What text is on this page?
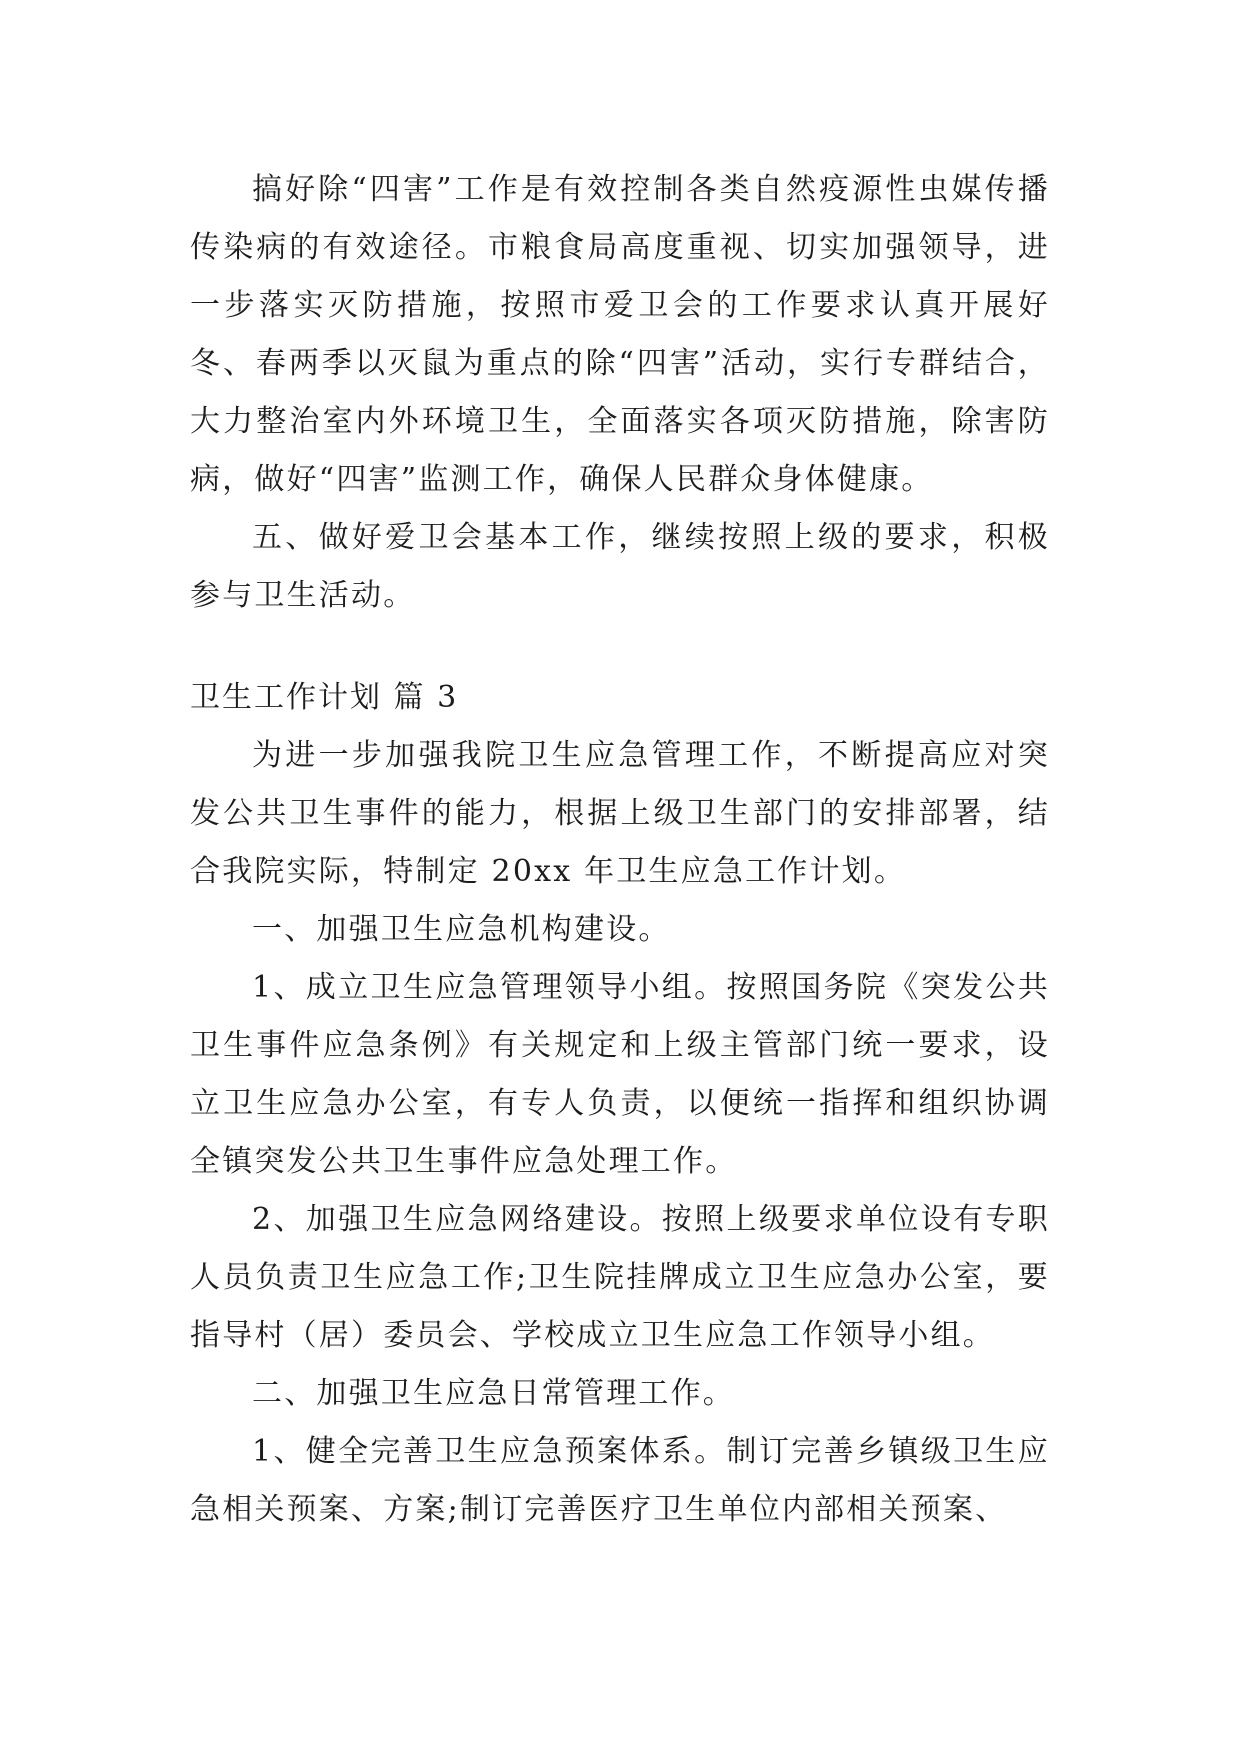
搞好除“四害”工作是有效控制各类自然疫源性虫媒传播传染病的有效途径。市粮食局高度重视、切实加强领导，进一步落实灭防措施，按照市爱卫会的工作要求认真开展好冬、春两季以灭鼠为重点的除“四害”活动，实行专群结合，大力整治室内外环境卫生，全面落实各项灭防措施，除害防病，做好“四害”监测工作，确保人民群众身体健康。

五、做好爱卫会基本工作，继续按照上级的要求，积极参与卫生活动。

卫生工作计划 篇 3

为进一步加强我院卫生应急管理工作，不断提高应对突发公共卫生事件的能力，根据上级卫生部门的安排部署，结合我院实际，特制定 20xx 年卫生应急工作计划。

一、加强卫生应急机构建设。

1、成立卫生应急管理领导小组。按照国务院《突发公共卫生事件应急条例》有关规定和上级主管部门统一要求，设立卫生应急办公室，有专人负责，以便统一指挥和组织协调全镇突发公共卫生事件应急处理工作。

2、加强卫生应急网络建设。按照上级要求单位设有专职人员负责卫生应急工作;卫生院挂牌成立卫生应急办公室，要指导村（居）委员会、学校成立卫生应急工作领导小组。

二、加强卫生应急日常管理工作。

1、健全完善卫生应急预案体系。制订完善乡镇级卫生应急相关预案、方案;制订完善医疗卫生单位内部相关预案、
